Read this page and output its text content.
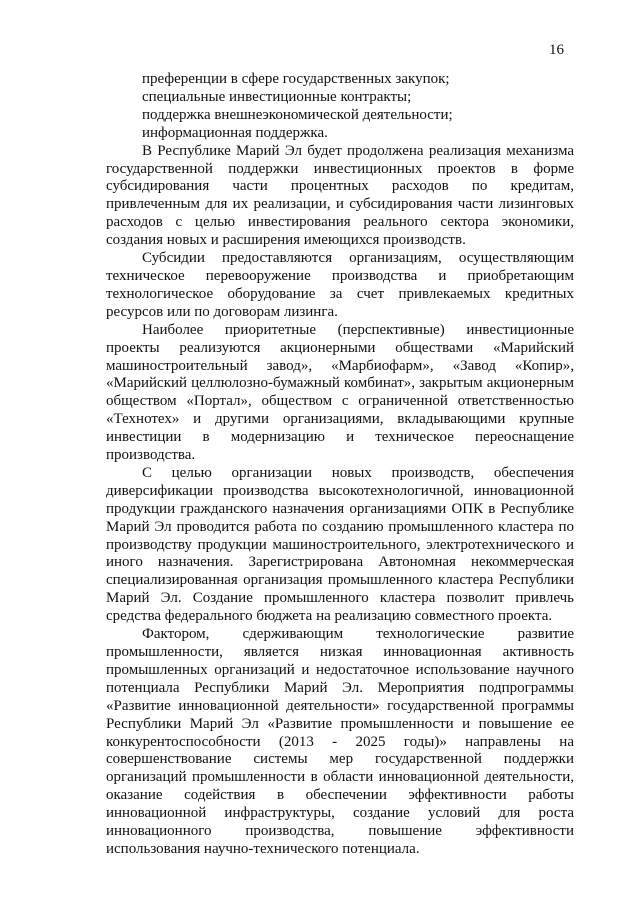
16

преференции в сфере государственных закупок;

специальные инвестиционные контракты;

поддержка внешнеэкономической деятельности;

информационная поддержка.

В Республике Марий Эл будет продолжена реализация механизма государственной поддержки инвестиционных проектов в форме субсидирования части процентных расходов по кредитам, привлеченным для их реализации, и субсидирования части лизинговых расходов с целью инвестирования реального сектора экономики, создания новых и расширения имеющихся производств.

Субсидии предоставляются организациям, осуществляющим техническое перевооружение производства и приобретающим технологическое оборудование за счет привлекаемых кредитных ресурсов или по договорам лизинга.

Наиболее приоритетные (перспективные) инвестиционные проекты реализуются акционерными обществами «Марийский машиностроительный завод», «Марбиофарм», «Завод «Копир», «Марийский целлюлозно-бумажный комбинат», закрытым акционерным обществом «Портал», обществом с ограниченной ответственностью «Технотех» и другими организациями, вкладывающими крупные инвестиции в модернизацию и техническое переоснащение производства.

С целью организации новых производств, обеспечения диверсификации производства высокотехнологичной, инновационной продукции гражданского назначения организациями ОПК в Республике Марий Эл проводится работа по созданию промышленного кластера по производству продукции машиностроительного, электротехнического и иного назначения. Зарегистрирована Автономная некоммерческая специализированная организация промышленного кластера Республики Марий Эл. Создание промышленного кластера позволит привлечь средства федерального бюджета на реализацию совместного проекта.

Фактором, сдерживающим технологические развитие промышленности, является низкая инновационная активность промышленных организаций и недостаточное использование научного потенциала Республики Марий Эл. Мероприятия подпрограммы «Развитие инновационной деятельности» государственной программы Республики Марий Эл «Развитие промышленности и повышение ее конкурентоспособности (2013 - 2025 годы)» направлены на совершенствование системы мер государственной поддержки организаций промышленности в области инновационной деятельности, оказание содействия в обеспечении эффективности работы инновационной инфраструктуры, создание условий для роста инновационного производства, повышение эффективности использования научно-технического потенциала.
